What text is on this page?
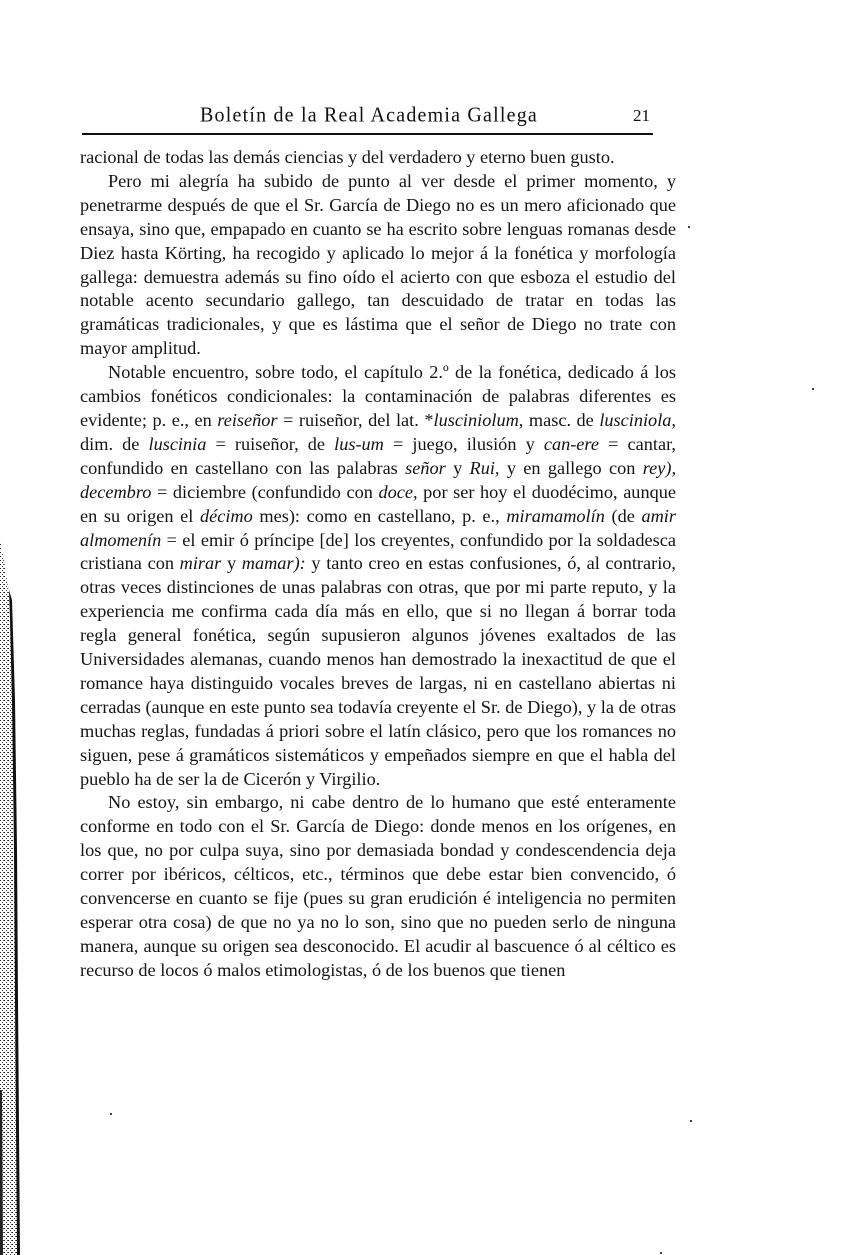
Boletín de la Real Academia Gallega	21

racional de todas las demás ciencias y del verdadero y eterno buen gusto.

Pero mi alegría ha subido de punto al ver desde el primer momento, y penetrarme después de que el Sr. García de Diego no es un mero aficionado que ensaya, sino que, empapado en cuanto se ha escrito sobre lenguas romanas desde Diez hasta Körting, ha recogido y aplicado lo mejor á la fonética y morfología gallega: demuestra además su fino oído el acierto con que esboza el estudio del notable acento secundario gallego, tan descuidado de tratar en todas las gramáticas tradicionales, y que es lástima que el señor de Diego no trate con mayor amplitud.

Notable encuentro, sobre todo, el capítulo 2.º de la fonética, dedicado á los cambios fonéticos condicionales: la contaminación de palabras diferentes es evidente; p. e., en reiseñor = ruiseñor, del lat. *lusciniolum, masc. de lusciniola, dim. de luscinia = ruiseñor, de lus-um = juego, ilusión y can-ere = cantar, confundido en castellano con las palabras señor y Rui, y en gallego con rey), decembro = diciembre (confundido con doce, por ser hoy el duodécimo, aunque en su origen el décimo mes): como en castellano, p. e., miramamolín (de amir almomenín = el emir ó príncipe [de] los creyentes, confundido por la soldadesca cristiana con mirar y mamar): y tanto creo en estas confusiones, ó, al contrario, otras veces distinciones de unas palabras con otras, que por mi parte reputo, y la experiencia me confirma cada día más en ello, que si no llegan á borrar toda regla general fonética, según supusieron algunos jóvenes exaltados de las Universidades alemanas, cuando menos han demostrado la inexactitud de que el romance haya distinguido vocales breves de largas, ni en castellano abiertas ni cerradas (aunque en este punto sea todavía creyente el Sr. de Diego), y la de otras muchas reglas, fundadas á priori sobre el latín clásico, pero que los romances no siguen, pese á gramáticos sistemáticos y empeñados siempre en que el habla del pueblo ha de ser la de Cicerón y Virgilio.

No estoy, sin embargo, ni cabe dentro de lo humano que esté enteramente conforme en todo con el Sr. García de Diego: donde menos en los orígenes, en los que, no por culpa suya, sino por demasiada bondad y condescendencia deja correr por ibéricos, célticos, etc., términos que debe estar bien convencido, ó convencerse en cuanto se fije (pues su gran erudición é inteligencia no permiten esperar otra cosa) de que no ya no lo son, sino que no pueden serlo de ninguna manera, aunque su origen sea desconocido. El acudir al bascuence ó al céltico es recurso de locos ó malos etimologistas, ó de los buenos que tienen
